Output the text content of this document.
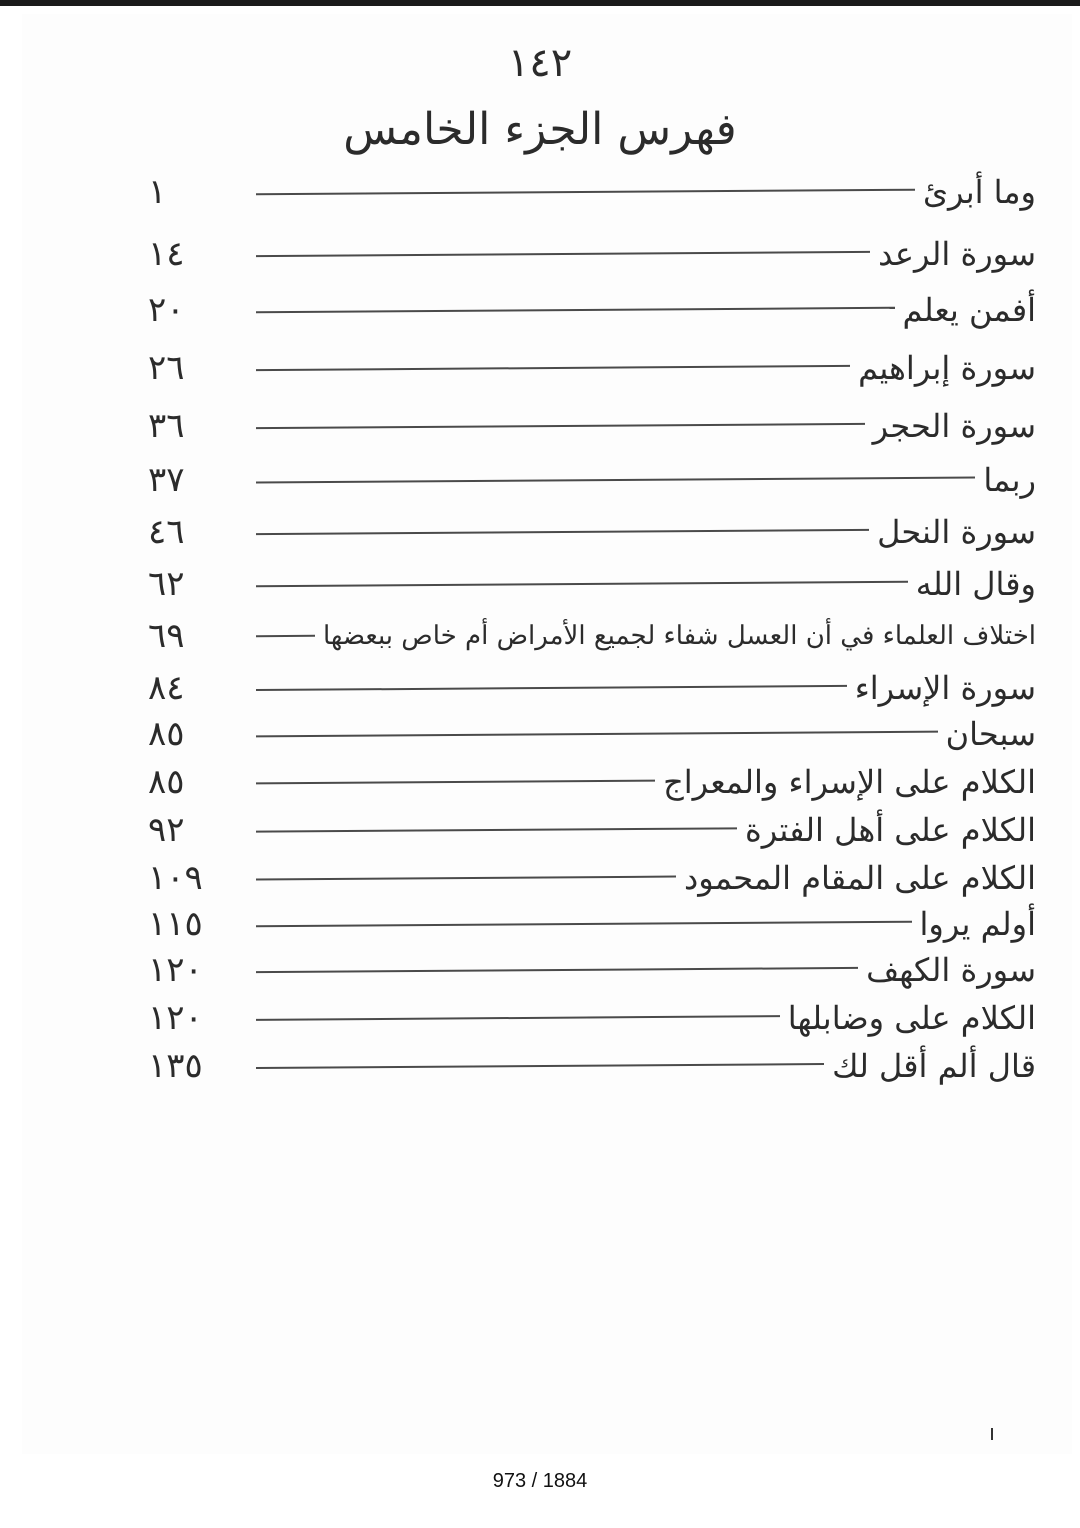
١٤٢
فهرس الجزء الخامس
١	وما أبرئ
١٤	سورة الرعد
٢٠	أفمن يعلم
٢٦	سورة إبراهيم
٣٦	سورة الحجر
٣٧	ربما
٤٦	سورة النحل
٦٢	وقال الله
٦٩	اختلاف العلماء في أن العسل شفاء لجميع الأمراض أم خاص ببعضها
٨٤	سورة الإسراء
٨٥	سبحان
٨٥	الكلام على الإسراء والمعراج
٩٢	الكلام على أهل الفترة
١٠٩	الكلام على المقام المحمود
١١٥	أولم يروا
١٢٠	سورة الكهف
١٢٠	الكلام على وضابلها
١٣٥	قال ألم أقل لك
973 / 1884
